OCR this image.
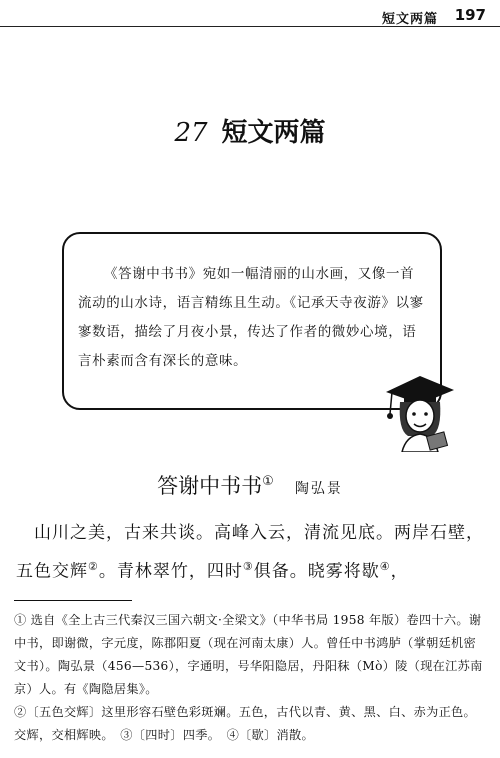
短文两篇 197
27 短文两篇
《答谢中书书》宛如一幅清丽的山水画，又像一首流动的山水诗，语言精练且生动。《记承天寺夜游》以寥寥数语，描绘了月夜小景，传达了作者的微妙心境，语言朴素而含有深长的意味。
答谢中书书① 陶弘景
山川之美，古来共谈。高峰入云，清流见底。两岸石壁，五色交辉②。青林翠竹，四时③俱备。晓雾将歇④，

① 选自《全上古三代秦汉三国六朝文·全梁文》（中华书局 1958 年版）卷四十六。谢中书，即谢微，字元度，陈郡阳夏（现在河南太康）人。曾任中书鸿胪（掌朝廷机密文书）。陶弘景（456—536），字通明，号华阳隐居，丹阳秣（Mò）陵（现在江苏南京）人。有《陶隐居集》。

②〔五色交辉〕这里形容石壁色彩斑斓。五色，古代以青、黄、黑、白、赤为正色。交辉，交相辉映。　③〔四时〕四季。　④〔歇〕消散。
